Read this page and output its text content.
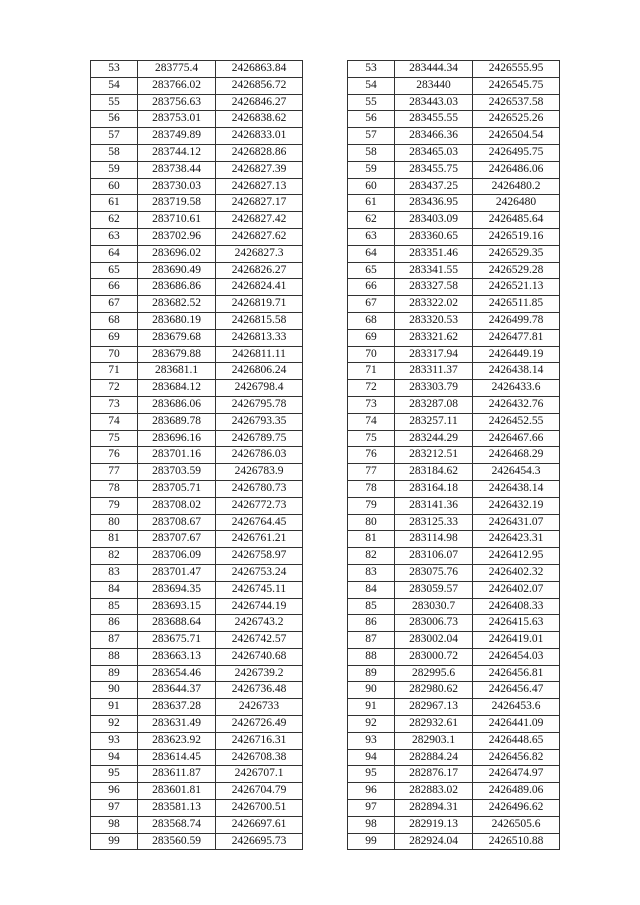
53	283775.4	2426863.84
54	283766.02	2426856.72
55	283756.63	2426846.27
56	283753.01	2426838.62
57	283749.89	2426833.01
58	283744.12	2426828.86
59	283738.44	2426827.39
60	283730.03	2426827.13
61	283719.58	2426827.17
62	283710.61	2426827.42
63	283702.96	2426827.62
64	283696.02	2426827.3
65	283690.49	2426826.27
66	283686.86	2426824.41
67	283682.52	2426819.71
68	283680.19	2426815.58
69	283679.68	2426813.33
70	283679.88	2426811.11
71	283681.1	2426806.24
72	283684.12	2426798.4
73	283686.06	2426795.78
74	283689.78	2426793.35
75	283696.16	2426789.75
76	283701.16	2426786.03
77	283703.59	2426783.9
78	283705.71	2426780.73
79	283708.02	2426772.73
80	283708.67	2426764.45
81	283707.67	2426761.21
82	283706.09	2426758.97
83	283701.47	2426753.24
84	283694.35	2426745.11
85	283693.15	2426744.19
86	283688.64	2426743.2
87	283675.71	2426742.57
88	283663.13	2426740.68
89	283654.46	2426739.2
90	283644.37	2426736.48
91	283637.28	2426733
92	283631.49	2426726.49
93	283623.92	2426716.31
94	283614.45	2426708.38
95	283611.87	2426707.1
96	283601.81	2426704.79
97	283581.13	2426700.51
98	283568.74	2426697.61
99	283560.59	2426695.73
53	283444.34	2426555.95
54	283440	2426545.75
55	283443.03	2426537.58
56	283455.55	2426525.26
57	283466.36	2426504.54
58	283465.03	2426495.75
59	283455.75	2426486.06
60	283437.25	2426480.2
61	283436.95	2426480
62	283403.09	2426485.64
63	283360.65	2426519.16
64	283351.46	2426529.35
65	283341.55	2426529.28
66	283327.58	2426521.13
67	283322.02	2426511.85
68	283320.53	2426499.78
69	283321.62	2426477.81
70	283317.94	2426449.19
71	283311.37	2426438.14
72	283303.79	2426433.6
73	283287.08	2426432.76
74	283257.11	2426452.55
75	283244.29	2426467.66
76	283212.51	2426468.29
77	283184.62	2426454.3
78	283164.18	2426438.14
79	283141.36	2426432.19
80	283125.33	2426431.07
81	283114.98	2426423.31
82	283106.07	2426412.95
83	283075.76	2426402.32
84	283059.57	2426402.07
85	283030.7	2426408.33
86	283006.73	2426415.63
87	283002.04	2426419.01
88	283000.72	2426454.03
89	282995.6	2426456.81
90	282980.62	2426456.47
91	282967.13	2426453.6
92	282932.61	2426441.09
93	282903.1	2426448.65
94	282884.24	2426456.82
95	282876.17	2426474.97
96	282883.02	2426489.06
97	282894.31	2426496.62
98	282919.13	2426505.6
99	282924.04	2426510.88
